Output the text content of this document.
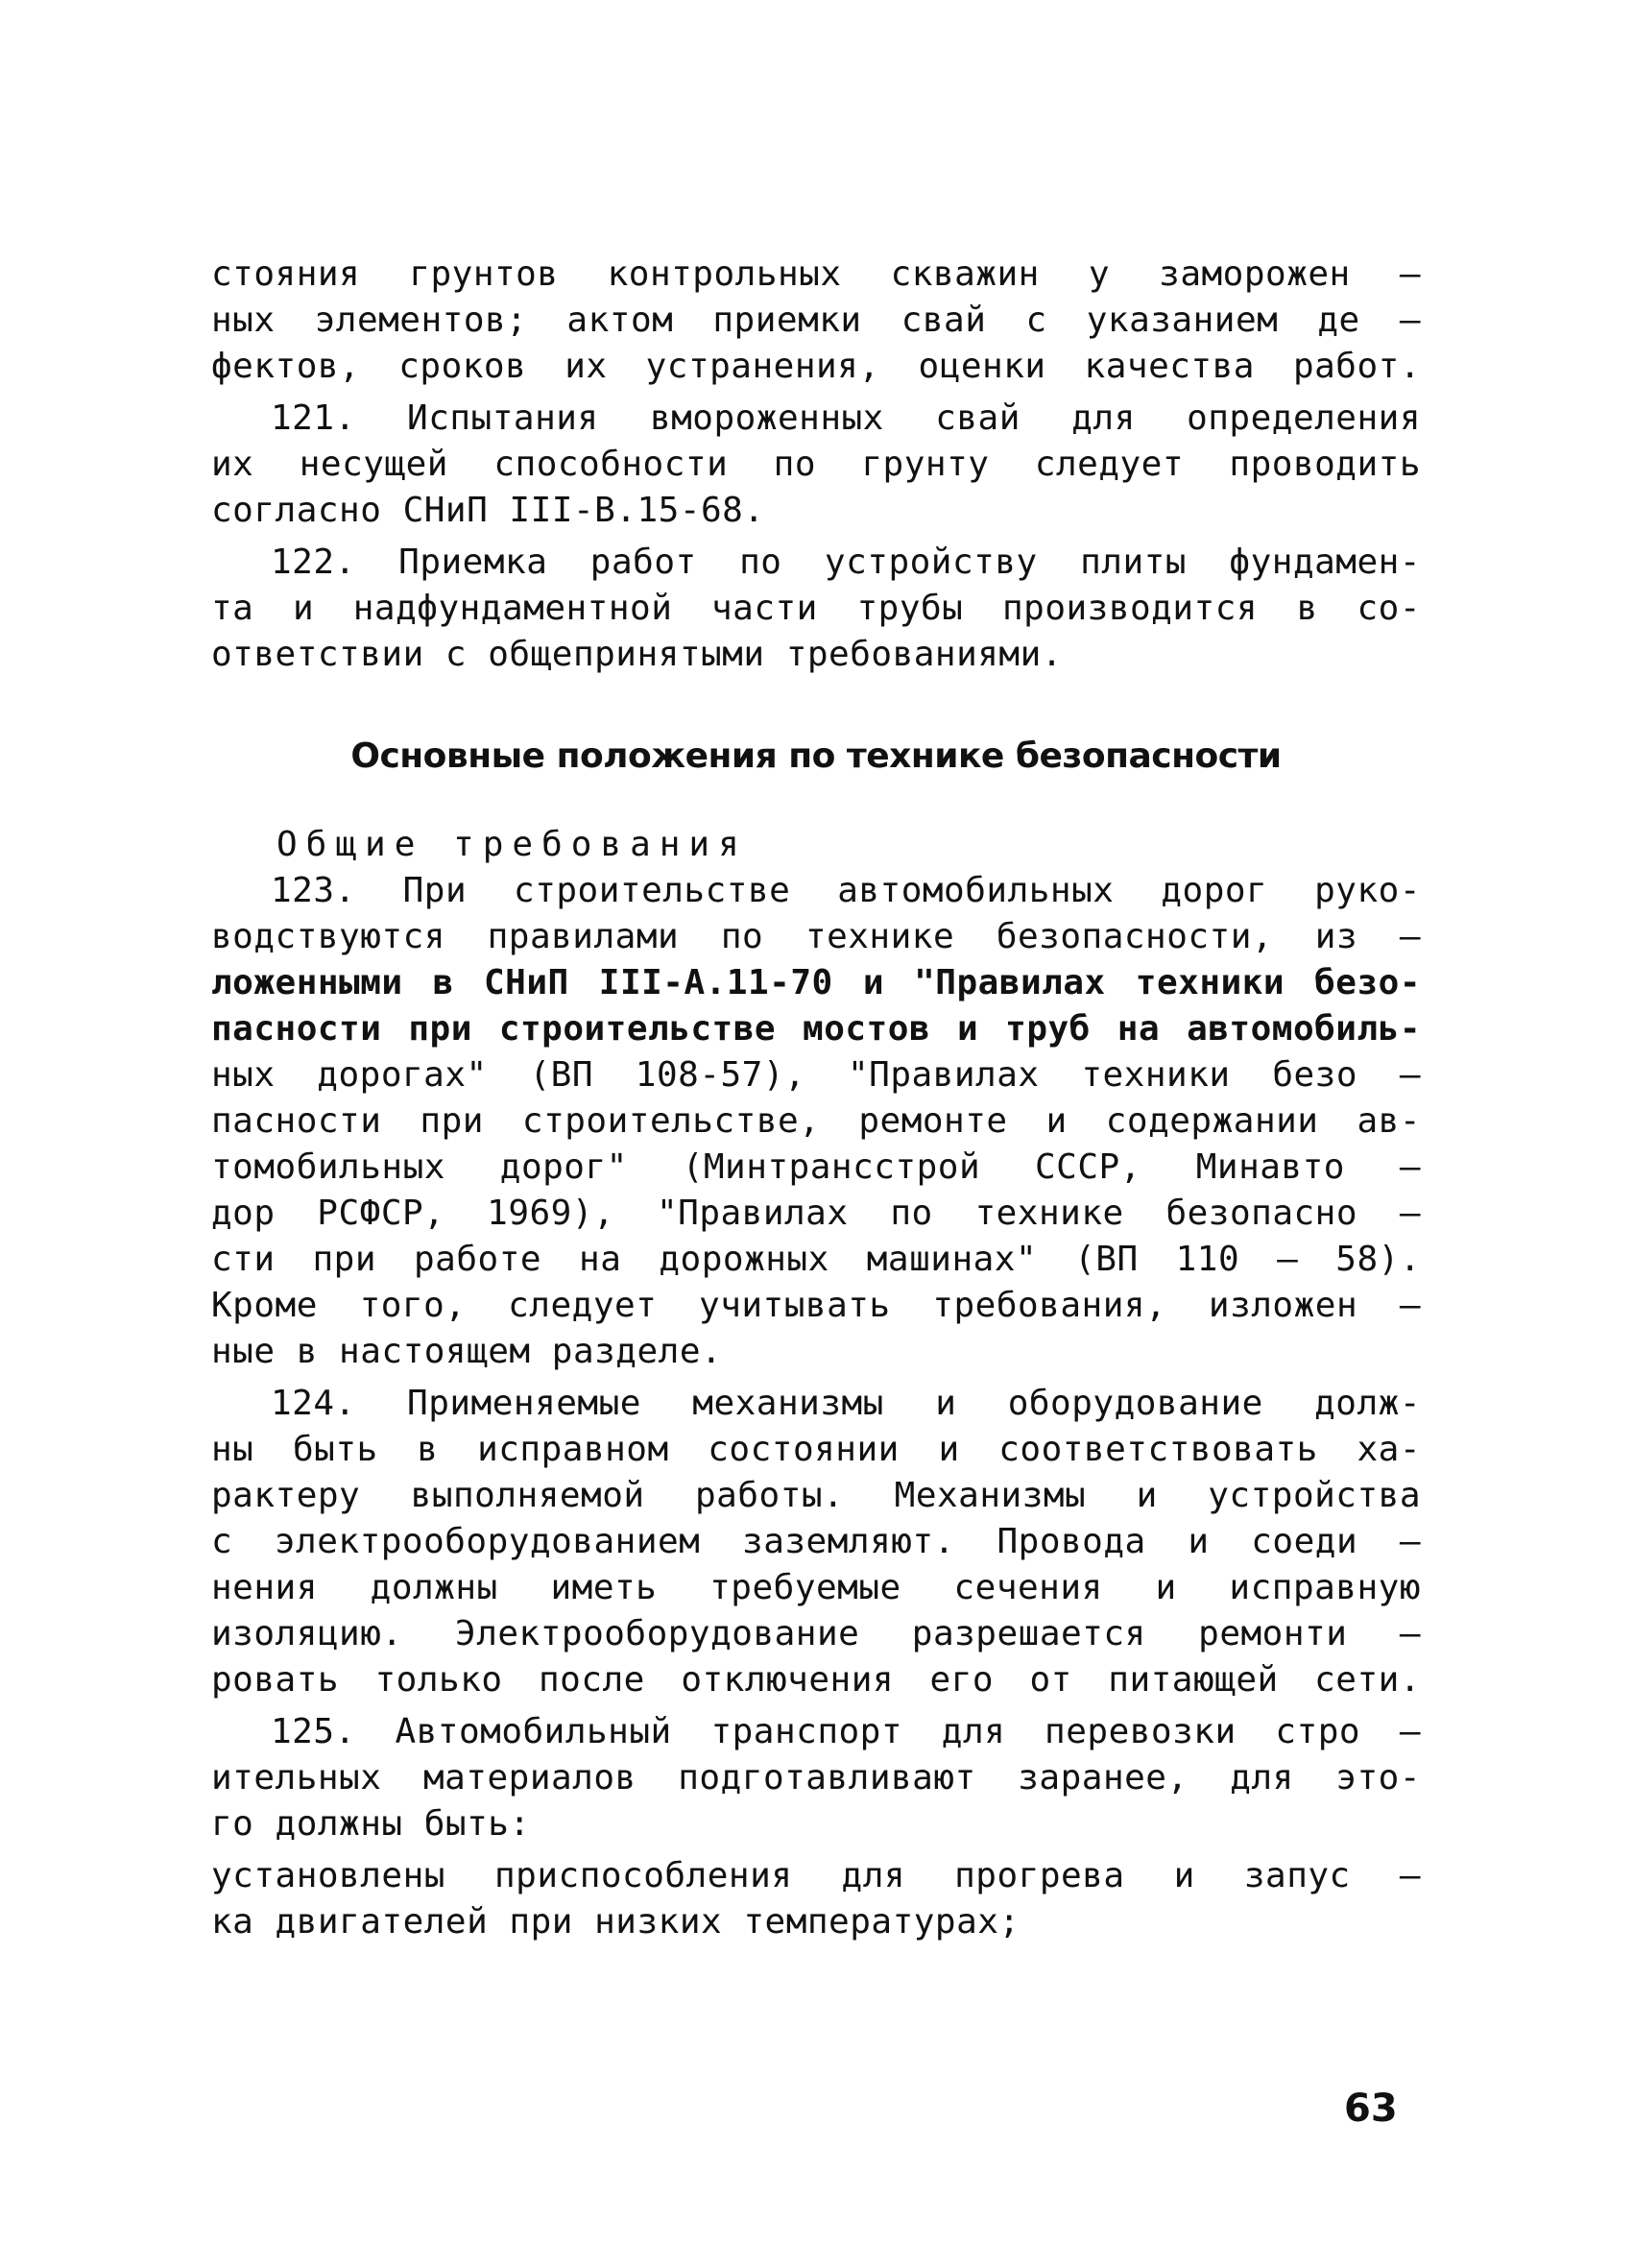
стояния грунтов контрольных скважин у заморожен –
ных элементов; актом приемки свай с указанием де –
фектов, сроков их устранения, оценки качества работ.
121. Испытания вмороженных свай для определения
их несущей способности по грунту следует проводить
согласно СНиП III-В.15-68.
122. Приемка работ по устройству плиты фундамен-
та и надфундаментной части трубы производится в со-
ответствии с общепринятыми требованиями.
Основные положения по технике безопасности
Общие требования
123. При строительстве автомобильных дорог руко-
водствуются правилами по технике безопасности, из –
ложенными в СНиП III-А.11-70 и "Правилах техники безо-
пасности при строительстве мостов и труб на автомобиль-
ных дорогах" (ВП 108-57), "Правилах техники безо –
пасности при строительстве, ремонте и содержании ав-
томобильных дорог" (Минтрансстрой СССР, Минавто –
дор РСФСР, 1969), "Правилах по технике безопасно –
сти при работе на дорожных машинах" (ВП 110 – 58).
Кроме того, следует учитывать требования, изложен –
ные в настоящем разделе.
124. Применяемые механизмы и оборудование долж-
ны быть в исправном состоянии и соответствовать ха-
рактеру выполняемой работы. Механизмы и устройства
с электрооборудованием заземляют. Провода и соеди –
нения должны иметь требуемые сечения и исправную
изоляцию. Электрооборудование разрешается ремонти –
ровать только после отключения его от питающей сети.
125. Автомобильный транспорт для перевозки стро –
ительных материалов подготавливают заранее, для это-
го должны быть:
установлены приспособления для прогрева и запус –
ка двигателей при низких температурах;
63
